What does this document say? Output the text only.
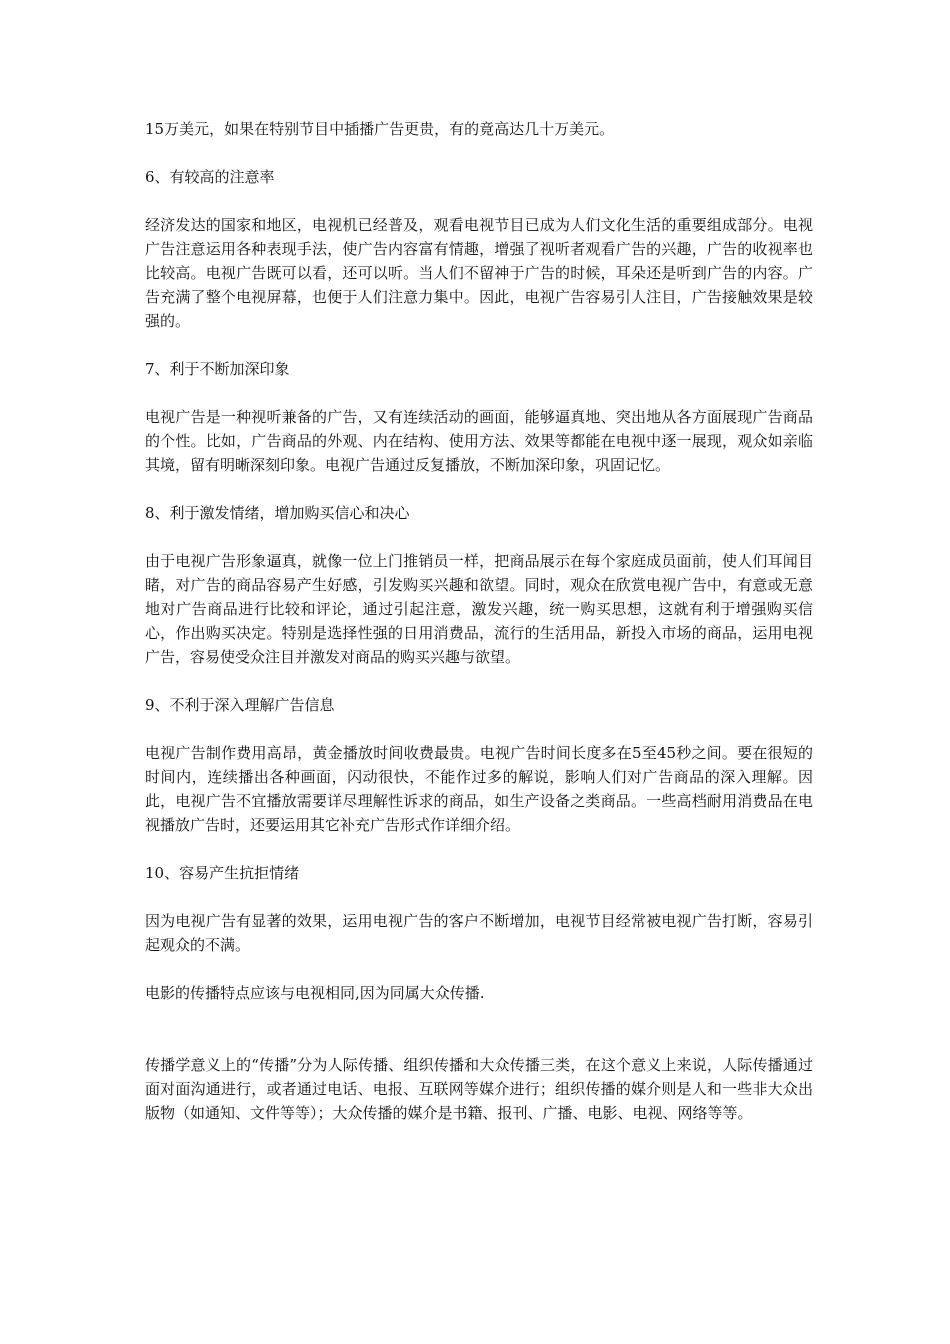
15万美元，如果在特别节目中插播广告更贵，有的竟高达几十万美元。

6、有较高的注意率

经济发达的国家和地区，电视机已经普及，观看电视节目已成为人们文化生活的重要组成部分。电视广告注意运用各种表现手法，使广告内容富有情趣，增强了视听者观看广告的兴趣，广告的收视率也比较高。电视广告既可以看，还可以听。当人们不留神于广告的时候，耳朵还是听到广告的内容。广告充满了整个电视屏幕，也便于人们注意力集中。因此，电视广告容易引人注目，广告接触效果是较强的。

7、利于不断加深印象

电视广告是一种视听兼备的广告，又有连续活动的画面，能够逼真地、突出地从各方面展现广告商品的个性。比如，广告商品的外观、内在结构、使用方法、效果等都能在电视中逐一展现，观众如亲临其境，留有明晰深刻印象。电视广告通过反复播放，不断加深印象，巩固记忆。

8、利于激发情绪，增加购买信心和决心

由于电视广告形象逼真，就像一位上门推销员一样，把商品展示在每个家庭成员面前，使人们耳闻目睹，对广告的商品容易产生好感，引发购买兴趣和欲望。同时，观众在欣赏电视广告中，有意或无意地对广告商品进行比较和评论，通过引起注意，激发兴趣，统一购买思想，这就有利于增强购买信心，作出购买决定。特别是选择性强的日用消费品，流行的生活用品，新投入市场的商品，运用电视广告，容易使受众注目并激发对商品的购买兴趣与欲望。

9、不利于深入理解广告信息

电视广告制作费用高昂，黄金播放时间收费最贵。电视广告时间长度多在5至45秒之间。要在很短的时间内，连续播出各种画面，闪动很快，不能作过多的解说，影响人们对广告商品的深入理解。因此，电视广告不宜播放需要详尽理解性诉求的商品，如生产设备之类商品。一些高档耐用消费品在电视播放广告时，还要运用其它补充广告形式作详细介绍。

10、容易产生抗拒情绪

因为电视广告有显著的效果，运用电视广告的客户不断增加，电视节目经常被电视广告打断，容易引起观众的不满。

电影的传播特点应该与电视相同,因为同属大众传播.

传播学意义上的“传播”分为人际传播、组织传播和大众传播三类，在这个意义上来说，人际传播通过面对面沟通进行，或者通过电话、电报、互联网等媒介进行；组织传播的媒介则是人和一些非大众出版物（如通知、文件等等）；大众传播的媒介是书籍、报刊、广播、电影、电视、网络等等。
